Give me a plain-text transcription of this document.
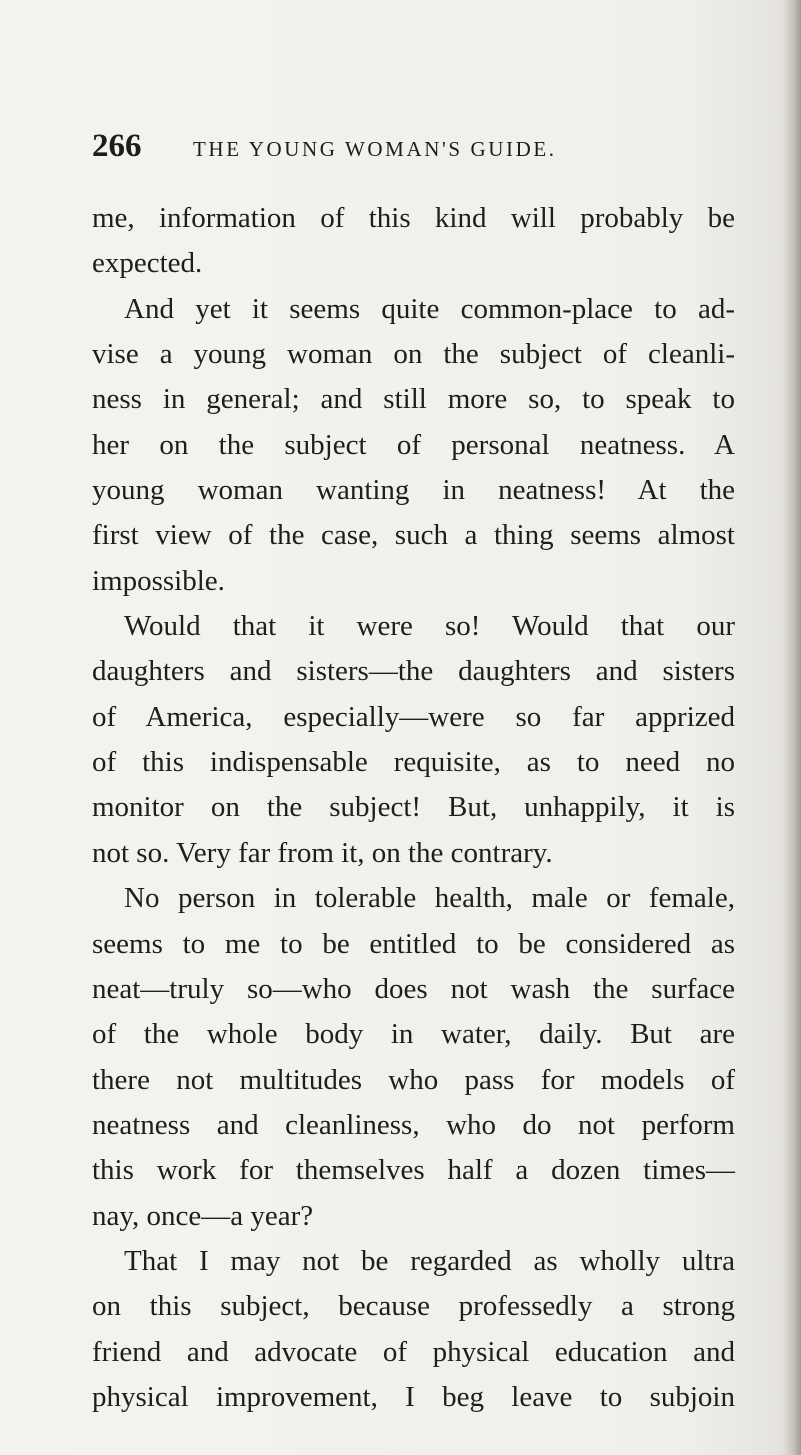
266 THE YOUNG WOMAN'S GUIDE.
me, information of this kind will probably be
expected.
And yet it seems quite common-place to ad-
vise a young woman on the subject of cleanli-
ness in general; and still more so, to speak to
her on the subject of personal neatness. A
young woman wanting in neatness! At the
first view of the case, such a thing seems almost
impossible.
Would that it were so! Would that our
daughters and sisters—the daughters and sisters
of America, especially—were so far apprized
of this indispensable requisite, as to need no
monitor on the subject! But, unhappily, it is
not so. Very far from it, on the contrary.
No person in tolerable health, male or female,
seems to me to be entitled to be considered as
neat—truly so—who does not wash the surface
of the whole body in water, daily. But are
there not multitudes who pass for models of
neatness and cleanliness, who do not perform
this work for themselves half a dozen times—
nay, once—a year?
That I may not be regarded as wholly ultra
on this subject, because professedly a strong
friend and advocate of physical education and
physical improvement, I beg leave to subjoin
